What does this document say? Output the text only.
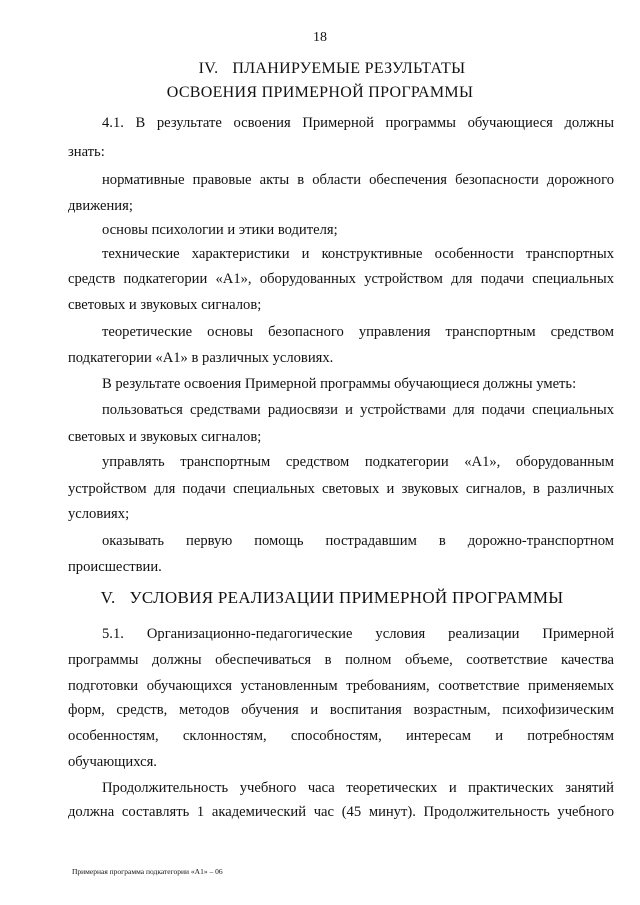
18
IV. ПЛАНИРУЕМЫЕ РЕЗУЛЬТАТЫ
ОСВОЕНИЯ ПРИМЕРНОЙ ПРОГРАММЫ
4.1. В результате освоения Примерной программы обучающиеся должны
знать:
нормативные правовые акты в области обеспечения безопасности дорожного
движения;
основы психологии и этики водителя;
технические характеристики и конструктивные особенности транспортных
средств подкатегории «А1», оборудованных устройством для подачи специальных
световых и звуковых сигналов;
теоретические основы безопасного управления транспортным средством
подкатегории «А1» в различных условиях.
В результате освоения Примерной программы обучающиеся должны уметь:
пользоваться средствами радиосвязи и устройствами для подачи специальных
световых и звуковых сигналов;
управлять транспортным средством подкатегории «А1», оборудованным
устройством для подачи специальных световых и звуковых сигналов, в различных
условиях;
оказывать первую помощь пострадавшим в дорожно-транспортном
происшествии.
V. УСЛОВИЯ РЕАЛИЗАЦИИ ПРИМЕРНОЙ ПРОГРАММЫ
5.1. Организационно-педагогические условия реализации Примерной
программы должны обеспечиваться в полном объеме, соответствие качества
подготовки обучающихся установленным требованиям, соответствие применяемых
форм, средств, методов обучения и воспитания возрастным, психофизическим
особенностям, склонностям, способностям, интересам и потребностям
обучающихся.
Продолжительность учебного часа теоретических и практических занятий
должна составлять 1 академический час (45 минут). Продолжительность учебного
Примерная программа подкатегории «А1» – 06
